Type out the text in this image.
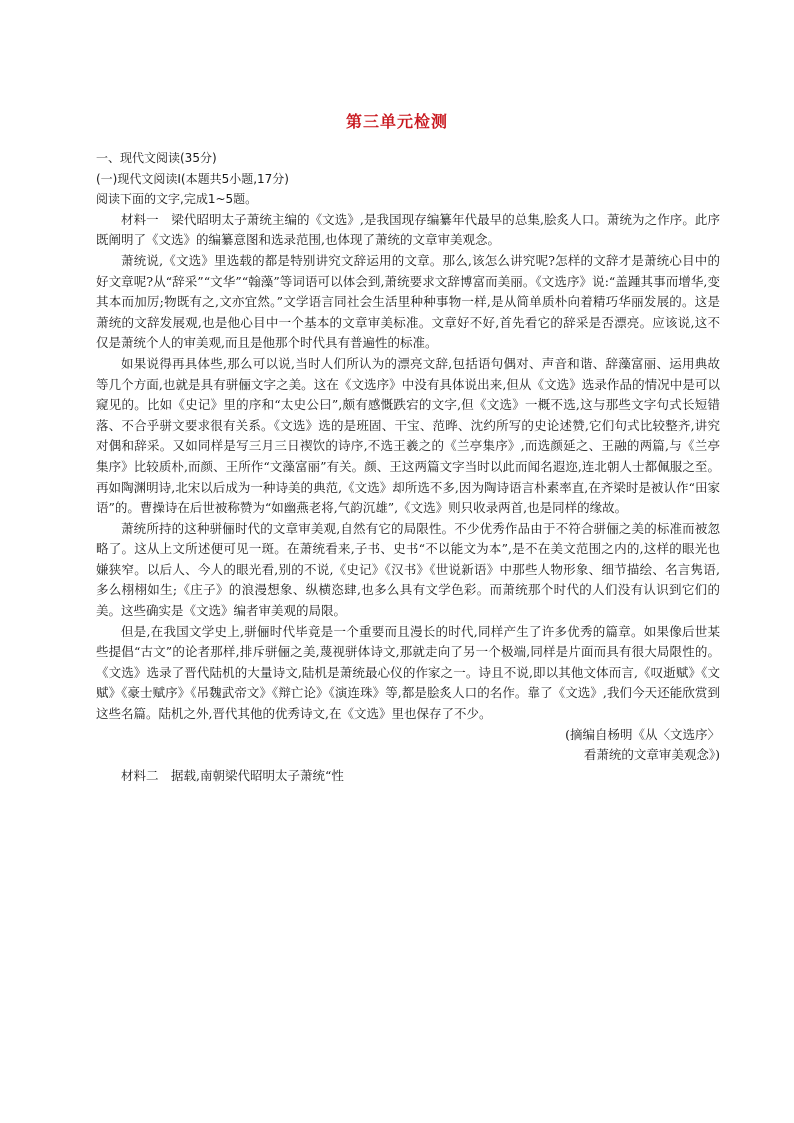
第三单元检测

一、现代文阅读(35分)

(一)现代文阅读Ⅰ(本题共5小题,17分)

阅读下面的文字,完成1~5题。

材料一　梁代昭明太子萧统主编的《文选》,是我国现存编纂年代最早的总集,脍炙人口。萧统为之作序。此序既阐明了《文选》的编纂意图和选录范围,也体现了萧统的文章审美观念。

萧统说,《文选》里选载的都是特别讲究文辞运用的文章。那么,该怎么讲究呢?怎样的文辞才是萧统心目中的好文章呢?从“辞采”“文华”“翰藻”等词语可以体会到,萧统要求文辞博富而美丽。《文选序》说:“盖踵其事而增华,变其本而加厉;物既有之,文亦宜然。”文学语言同社会生活里种种事物一样,是从简单质朴向着精巧华丽发展的。这是萧统的文辞发展观,也是他心目中一个基本的文章审美标准。文章好不好,首先看它的辞采是否漂亮。应该说,这不仅是萧统个人的审美观,而且是他那个时代具有普遍性的标准。

如果说得再具体些,那么可以说,当时人们所认为的漂亮文辞,包括语句偶对、声音和谐、辞藻富丽、运用典故等几个方面,也就是具有骈俪文字之美。这在《文选序》中没有具体说出来,但从《文选》选录作品的情况中是可以窥见的。比如《史记》里的序和“太史公曰”,颇有感慨跌宕的文字,但《文选》一概不选,这与那些文字句式长短错落、不合乎骈文要求很有关系。《文选》选的是班固、干宝、范晔、沈约所写的史论述赞,它们句式比较整齐,讲究对偶和辞采。又如同样是写三月三日禊饮的诗序,不选王羲之的《兰亭集序》,而选颜延之、王融的两篇,与《兰亭集序》比较质朴,而颜、王所作“文藻富丽”有关。颜、王这两篇文字当时以此而闻名遐迩,连北朝人士都佩服之至。再如陶渊明诗,北宋以后成为一种诗美的典范,《文选》却所选不多,因为陶诗语言朴素率直,在齐梁时是被认作“田家语”的。曹操诗在后世被称赞为“如幽燕老将,气韵沉雄”,《文选》则只收录两首,也是同样的缘故。

萧统所持的这种骈俪时代的文章审美观,自然有它的局限性。不少优秀作品由于不符合骈俪之美的标准而被忽略了。这从上文所述便可见一斑。在萧统看来,子书、史书“不以能文为本”,是不在美文范围之内的,这样的眼光也嫌狭窄。以后人、今人的眼光看,别的不说,《史记》《汉书》《世说新语》中那些人物形象、细节描绘、名言隽语,多么栩栩如生;《庄子》的浪漫想象、纵横恣肆,也多么具有文学色彩。而萧统那个时代的人们没有认识到它们的美。这些确实是《文选》编者审美观的局限。

但是,在我国文学史上,骈俪时代毕竟是一个重要而且漫长的时代,同样产生了许多优秀的篇章。如果像后世某些提倡“古文”的论者那样,排斥骈俪之美,蔑视骈体诗文,那就走向了另一个极端,同样是片面而具有很大局限性的。《文选》选录了晋代陆机的大量诗文,陆机是萧统最心仪的作家之一。诗且不说,即以其他文体而言,《叹逝赋》《文赋》《豪士赋序》《吊魏武帝文》《辩亡论》《演连珠》等,都是脍炙人口的名作。靠了《文选》,我们今天还能欣赏到这些名篇。陆机之外,晋代其他的优秀诗文,在《文选》里也保存了不少。

(摘编自杨明《从〈文选序〉

看萧统的文章审美观念》)

材料二　据载,南朝梁代昭明太子萧统“性
